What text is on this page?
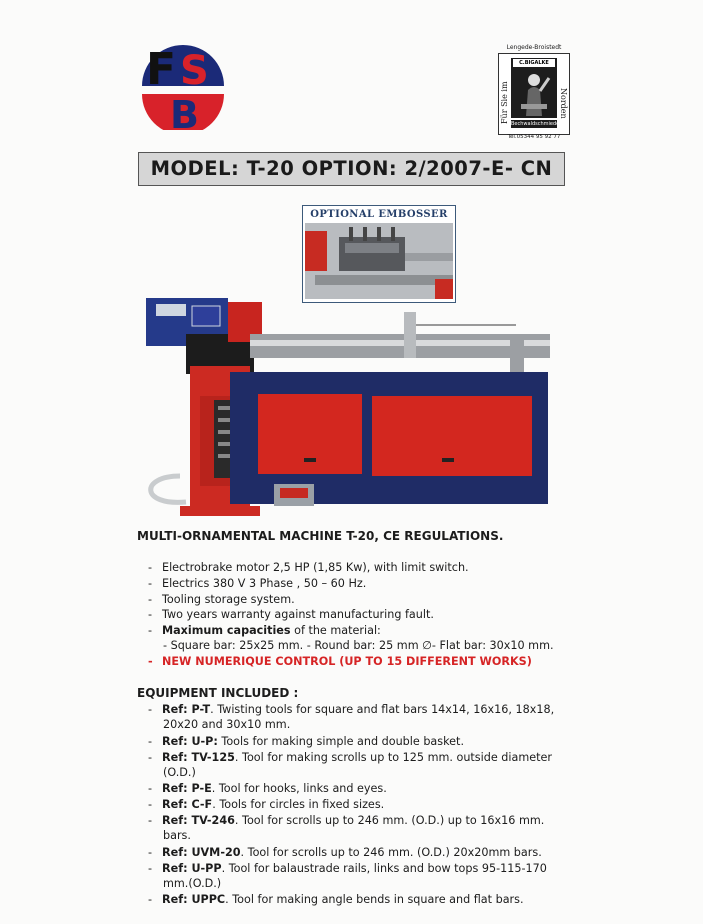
F S
B
Lengede-Broistedt
Für Sie im
C.BIGALKE
Bechwaldschmiede
Norden
Tel.05344 95 92 77
MODEL: T-20 OPTION: 2/2007-E- CN
OPTIONAL EMBOSSER
MULTI-ORNAMENTAL MACHINE T-20, CE REGULATIONS.
- Electrobrake motor 2,5 HP (1,85 Kw), with limit switch.
- Electrics 380 V 3 Phase , 50 – 60 Hz.
- Tooling storage system.
- Two years warranty against manufacturing fault.
- Maximum capacities of the material:
- Square bar: 25x25 mm. - Round bar: 25 mm ∅- Flat bar: 30x10 mm.
- NEW NUMERIQUE CONTROL (UP TO 15 DIFFERENT WORKS)
EQUIPMENT INCLUDED :
- Ref: P-T. Twisting tools for square and flat bars 14x14, 16x16, 18x18,
20x20 and 30x10 mm.
- Ref: U-P: Tools for making simple and double basket.
- Ref: TV-125. Tool for making scrolls up to 125 mm. outside diameter
(O.D.)
- Ref: P-E. Tool for hooks, links and eyes.
- Ref: C-F. Tools for circles in fixed sizes.
- Ref: TV-246. Tool for scrolls up to 246 mm. (O.D.) up to 16x16 mm.
bars.
- Ref: UVM-20. Tool for scrolls up to 246 mm. (O.D.) 20x20mm bars.
- Ref: U-PP. Tool for balaustrade rails, links and bow tops 95-115-170
mm.(O.D.)
- Ref: UPPC. Tool for making angle bends in square and flat bars.
